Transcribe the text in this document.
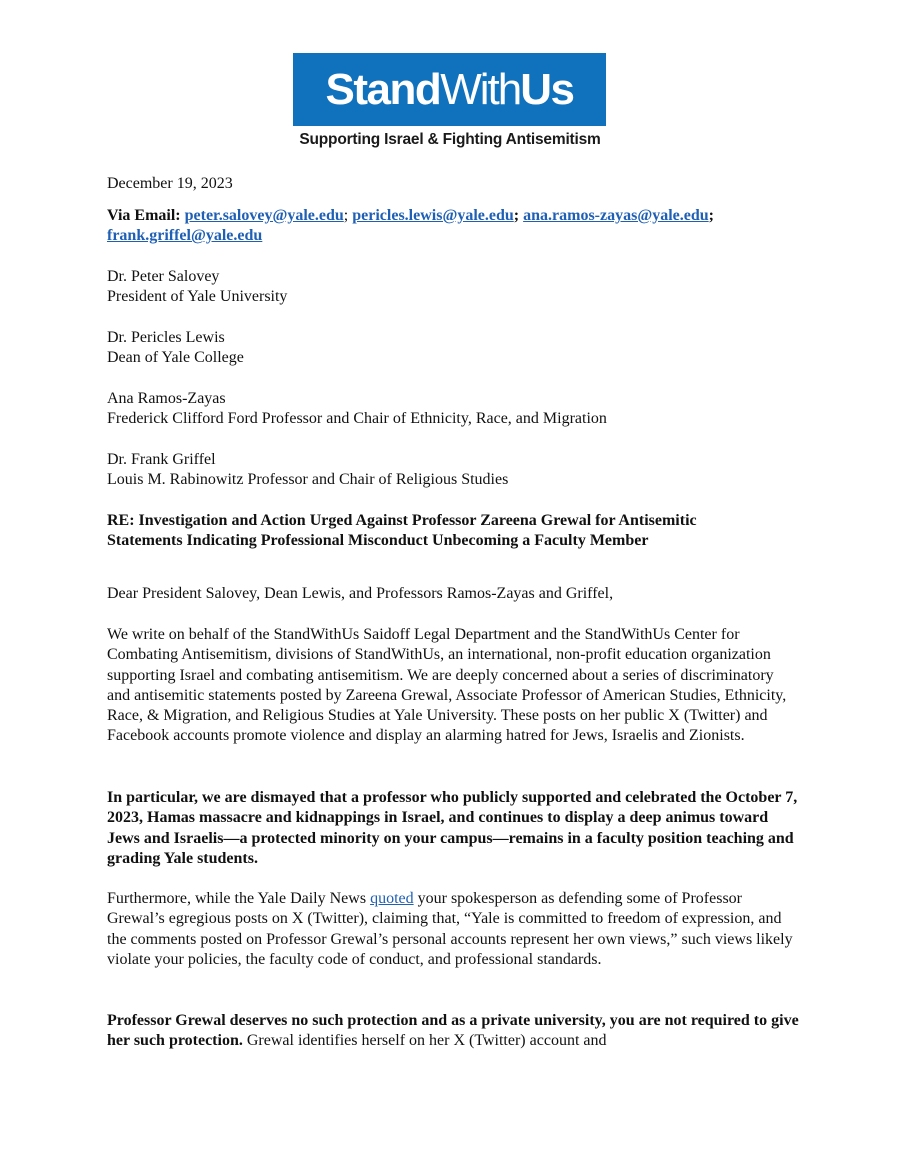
StandWithUs
Supporting Israel & Fighting Antisemitism
December 19, 2023

Via Email: peter.salovey@yale.edu; pericles.lewis@yale.edu; ana.ramos-zayas@yale.edu;
frank.griffel@yale.edu

Dr. Peter Salovey

President of Yale University

Dr. Pericles Lewis

Dean of Yale College

Ana Ramos-Zayas

Frederick Clifford Ford Professor and Chair of Ethnicity, Race, and Migration

Dr. Frank Griffel

Louis M. Rabinowitz Professor and Chair of Religious Studies

RE: Investigation and Action Urged Against Professor Zareena Grewal for Antisemitic

Statements Indicating Professional Misconduct Unbecoming a Faculty Member

Dear President Salovey, Dean Lewis, and Professors Ramos-Zayas and Griffel,
We write on behalf of the StandWithUs Saidoff Legal Department and the StandWithUs Center for Combating Antisemitism, divisions of StandWithUs, an international, non-profit education organization supporting Israel and combating antisemitism. We are deeply concerned about a series of discriminatory and antisemitic statements posted by Zareena Grewal, Associate Professor of American Studies, Ethnicity, Race, & Migration, and Religious Studies at Yale University. These posts on her public X (Twitter) and Facebook accounts promote violence and display an alarming hatred for Jews, Israelis and Zionists.
In particular, we are dismayed that a professor who publicly supported and celebrated the October 7, 2023, Hamas massacre and kidnappings in Israel, and continues to display a deep animus toward Jews and Israelis—a protected minority on your campus—remains in a faculty position teaching and grading Yale students.

Furthermore, while the Yale Daily News quoted your spokesperson as defending some of Professor Grewal’s egregious posts on X (Twitter), claiming that, “Yale is committed to freedom of expression, and the comments posted on Professor Grewal’s personal accounts represent her own views,” such views likely violate your policies, the faculty code of conduct, and professional standards.

Professor Grewal deserves no such protection and as a private university, you are not required to give her such protection. Grewal identifies herself on her X (Twitter) account and
